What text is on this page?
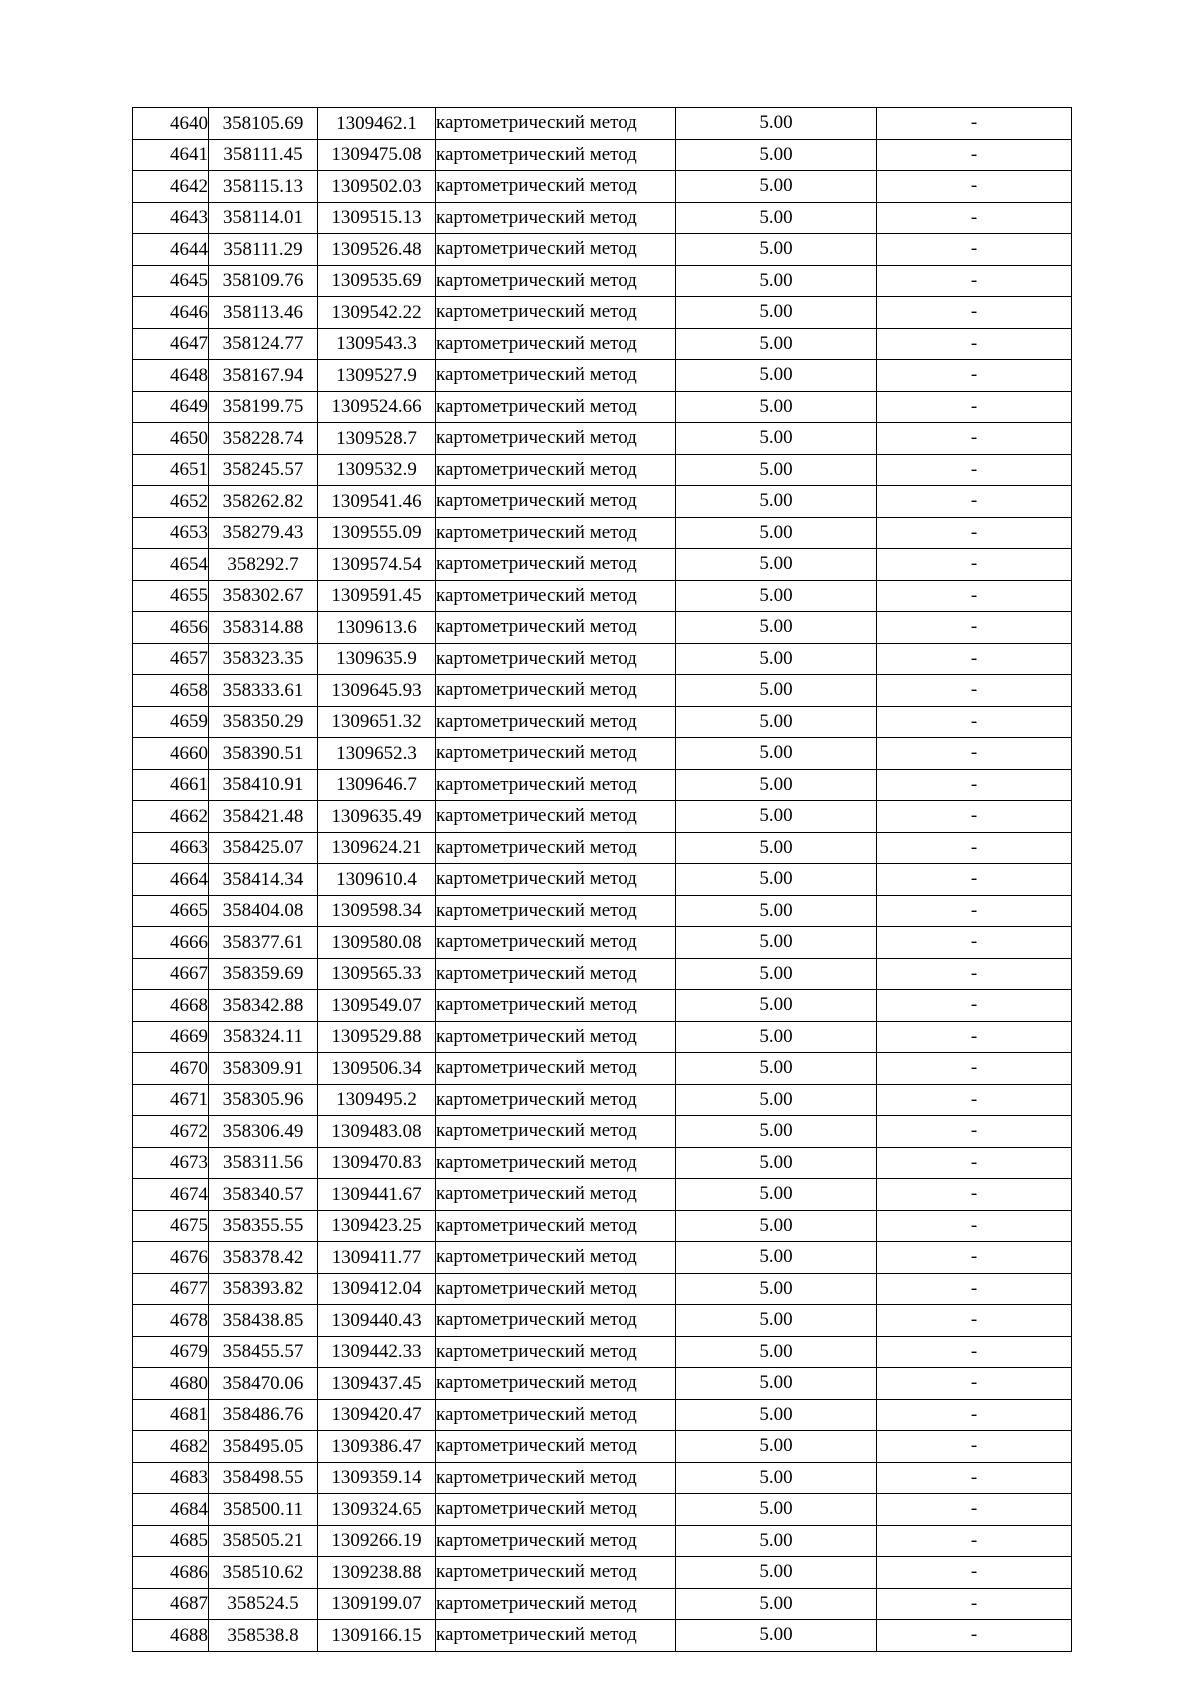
4640	358105.69	1309462.1	картометрический метод	5.00	-
4641	358111.45	1309475.08	картометрический метод	5.00	-
4642	358115.13	1309502.03	картометрический метод	5.00	-
4643	358114.01	1309515.13	картометрический метод	5.00	-
4644	358111.29	1309526.48	картометрический метод	5.00	-
4645	358109.76	1309535.69	картометрический метод	5.00	-
4646	358113.46	1309542.22	картометрический метод	5.00	-
4647	358124.77	1309543.3	картометрический метод	5.00	-
4648	358167.94	1309527.9	картометрический метод	5.00	-
4649	358199.75	1309524.66	картометрический метод	5.00	-
4650	358228.74	1309528.7	картометрический метод	5.00	-
4651	358245.57	1309532.9	картометрический метод	5.00	-
4652	358262.82	1309541.46	картометрический метод	5.00	-
4653	358279.43	1309555.09	картометрический метод	5.00	-
4654	358292.7	1309574.54	картометрический метод	5.00	-
4655	358302.67	1309591.45	картометрический метод	5.00	-
4656	358314.88	1309613.6	картометрический метод	5.00	-
4657	358323.35	1309635.9	картометрический метод	5.00	-
4658	358333.61	1309645.93	картометрический метод	5.00	-
4659	358350.29	1309651.32	картометрический метод	5.00	-
4660	358390.51	1309652.3	картометрический метод	5.00	-
4661	358410.91	1309646.7	картометрический метод	5.00	-
4662	358421.48	1309635.49	картометрический метод	5.00	-
4663	358425.07	1309624.21	картометрический метод	5.00	-
4664	358414.34	1309610.4	картометрический метод	5.00	-
4665	358404.08	1309598.34	картометрический метод	5.00	-
4666	358377.61	1309580.08	картометрический метод	5.00	-
4667	358359.69	1309565.33	картометрический метод	5.00	-
4668	358342.88	1309549.07	картометрический метод	5.00	-
4669	358324.11	1309529.88	картометрический метод	5.00	-
4670	358309.91	1309506.34	картометрический метод	5.00	-
4671	358305.96	1309495.2	картометрический метод	5.00	-
4672	358306.49	1309483.08	картометрический метод	5.00	-
4673	358311.56	1309470.83	картометрический метод	5.00	-
4674	358340.57	1309441.67	картометрический метод	5.00	-
4675	358355.55	1309423.25	картометрический метод	5.00	-
4676	358378.42	1309411.77	картометрический метод	5.00	-
4677	358393.82	1309412.04	картометрический метод	5.00	-
4678	358438.85	1309440.43	картометрический метод	5.00	-
4679	358455.57	1309442.33	картометрический метод	5.00	-
4680	358470.06	1309437.45	картометрический метод	5.00	-
4681	358486.76	1309420.47	картометрический метод	5.00	-
4682	358495.05	1309386.47	картометрический метод	5.00	-
4683	358498.55	1309359.14	картометрический метод	5.00	-
4684	358500.11	1309324.65	картометрический метод	5.00	-
4685	358505.21	1309266.19	картометрический метод	5.00	-
4686	358510.62	1309238.88	картометрический метод	5.00	-
4687	358524.5	1309199.07	картометрический метод	5.00	-
4688	358538.8	1309166.15	картометрический метод	5.00	-
